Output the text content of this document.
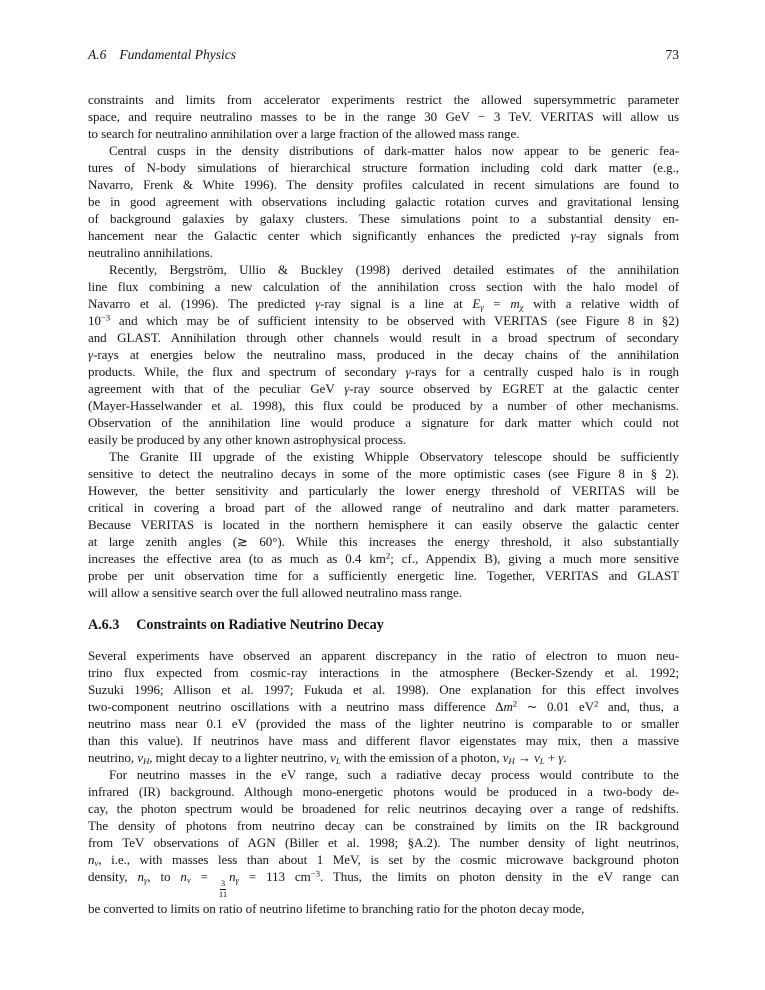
A.6 Fundamental Physics	73
constraints and limits from accelerator experiments restrict the allowed supersymmetric parameter
space, and require neutralino masses to be in the range 30 GeV − 3 TeV. VERITAS will allow us
to search for neutralino annihilation over a large fraction of the allowed mass range.
Central cusps in the density distributions of dark-matter halos now appear to be generic fea-
tures of N-body simulations of hierarchical structure formation including cold dark matter (e.g.,
Navarro, Frenk & White 1996). The density profiles calculated in recent simulations are found to
be in good agreement with observations including galactic rotation curves and gravitational lensing
of background galaxies by galaxy clusters. These simulations point to a substantial density en-
hancement near the Galactic center which significantly enhances the predicted γ-ray signals from
neutralino annihilations.
Recently, Bergström, Ullio & Buckley (1998) derived detailed estimates of the annihilation
line flux combining a new calculation of the annihilation cross section with the halo model of
Navarro et al. (1996). The predicted γ-ray signal is a line at $E_\gamma = m_\chi$ with a relative width of
$10^{-3}$ and which may be of sufficient intensity to be observed with VERITAS (see Figure 8 in §2)
and GLAST. Annihilation through other channels would result in a broad spectrum of secondary
γ-rays at energies below the neutralino mass, produced in the decay chains of the annihilation
products. While, the flux and spectrum of secondary γ-rays for a centrally cusped halo is in rough
agreement with that of the peculiar GeV γ-ray source observed by EGRET at the galactic center
(Mayer-Hasselwander et al. 1998), this flux could be produced by a number of other mechanisms.
Observation of the annihilation line would produce a signature for dark matter which could not
easily be produced by any other known astrophysical process.
The Granite III upgrade of the existing Whipple Observatory telescope should be sufficiently
sensitive to detect the neutralino decays in some of the more optimistic cases (see Figure 8 in § 2).
However, the better sensitivity and particularly the lower energy threshold of VERITAS will be
critical in covering a broad part of the allowed range of neutralino and dark matter parameters.
Because VERITAS is located in the northern hemisphere it can easily observe the galactic center
at large zenith angles (≳ 60°). While this increases the energy threshold, it also substantially
increases the effective area (to as much as 0.4 $km^2$; cf., Appendix B), giving a much more sensitive
probe per unit observation time for a sufficiently energetic line. Together, VERITAS and GLAST
will allow a sensitive search over the full allowed neutralino mass range.
A.6.3 Constraints on Radiative Neutrino Decay
Several experiments have observed an apparent discrepancy in the ratio of electron to muon neu-
trino flux expected from cosmic-ray interactions in the atmosphere (Becker-Szendy et al. 1992;
Suzuki 1996; Allison et al. 1997; Fukuda et al. 1998). One explanation for this effect involves
two-component neutrino oscillations with a neutrino mass difference $\Delta m^2$ ∼ 0.01 $eV^2$ and, thus, a
neutrino mass near 0.1 eV (provided the mass of the lighter neutrino is comparable to or smaller
than this value). If neutrinos have mass and different flavor eigenstates may mix, then a massive
neutrino, $\nu_H$, might decay to a lighter neutrino, $\nu_L$ with the emission of a photon, $\nu_H \to \nu_L + \gamma$.
For neutrino masses in the eV range, such a radiative decay process would contribute to the
infrared (IR) background. Although mono-energetic photons would be produced in a two-body de-
cay, the photon spectrum would be broadened for relic neutrinos decaying over a range of redshifts.
The density of photons from neutrino decay can be constrained by limits on the IR background
from TeV observations of AGN (Biller et al. 1998; §A.2). The number density of light neutrinos,
$n_\nu$, i.e., with masses less than about 1 MeV, is set by the cosmic microwave background photon
density, $n_\gamma$, to $n_\nu$ =
$\frac{3}{11}$
$n_\gamma = 113$ $cm^{-3}$. Thus, the limits on photon density in the eV range can
be converted to limits on ratio of neutrino lifetime to branching ratio for the photon decay mode,
